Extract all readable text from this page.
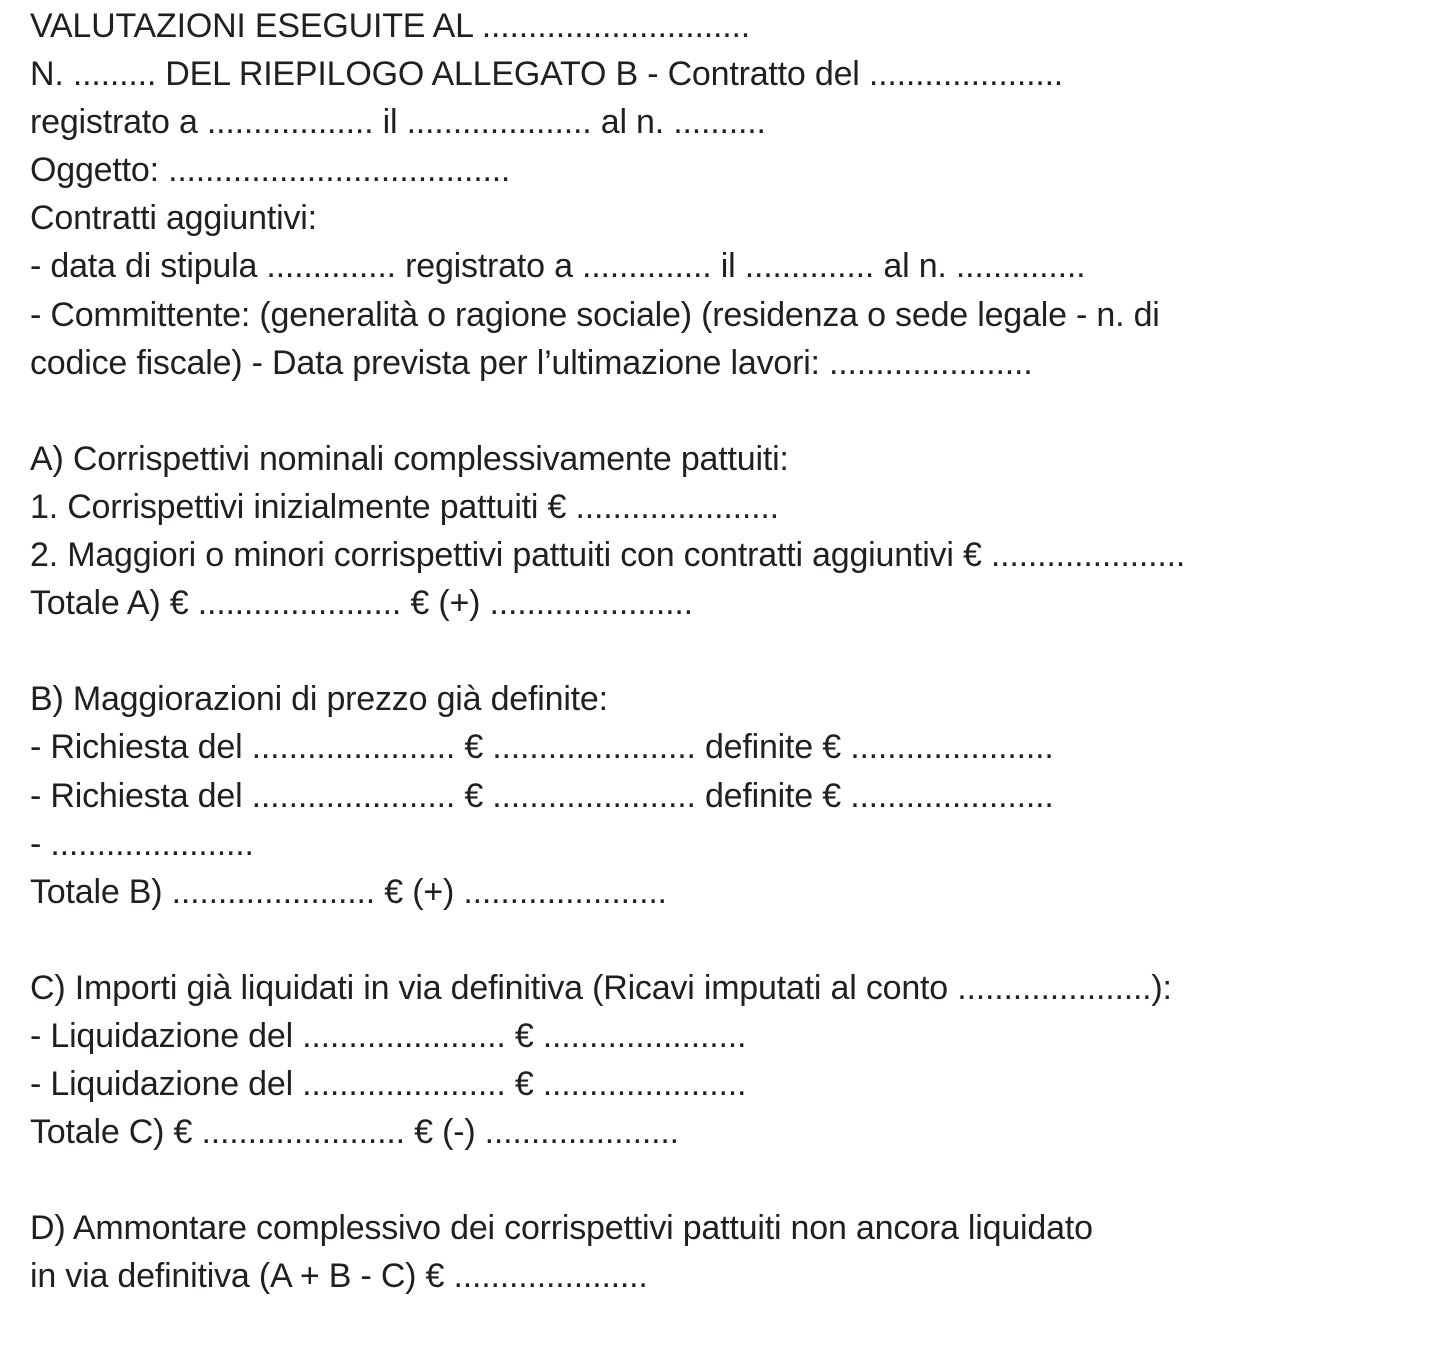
VALUTAZIONI ESEGUITE AL .............................
N. ......... DEL RIEPILOGO ALLEGATO B - Contratto del .....................
registrato a .................. il .................... al n. ..........
Oggetto: .....................................
Contratti aggiuntivi:
- data di stipula .............. registrato a .............. il .............. al n. ..............
- Committente: (generalità o ragione sociale) (residenza o sede legale - n. di
codice fiscale) - Data prevista per l’ultimazione lavori: ......................
A) Corrispettivi nominali complessivamente pattuiti:
1. Corrispettivi inizialmente pattuiti € ......................
2. Maggiori o minori corrispettivi pattuiti con contratti aggiuntivi € .....................
Totale A) € ...................... € (+) ......................
B) Maggiorazioni di prezzo già definite:
- Richiesta del ...................... € ...................... definite € ......................
- Richiesta del ...................... € ...................... definite € ......................
- ......................
Totale B) ...................... € (+) ......................
C) Importi già liquidati in via definitiva (Ricavi imputati al conto .....................):
- Liquidazione del ...................... € ......................
- Liquidazione del ...................... € ......................
Totale C) € ...................... € (-) .....................
D) Ammontare complessivo dei corrispettivi pattuiti non ancora liquidato
in via definitiva (A + B - C) € .....................
